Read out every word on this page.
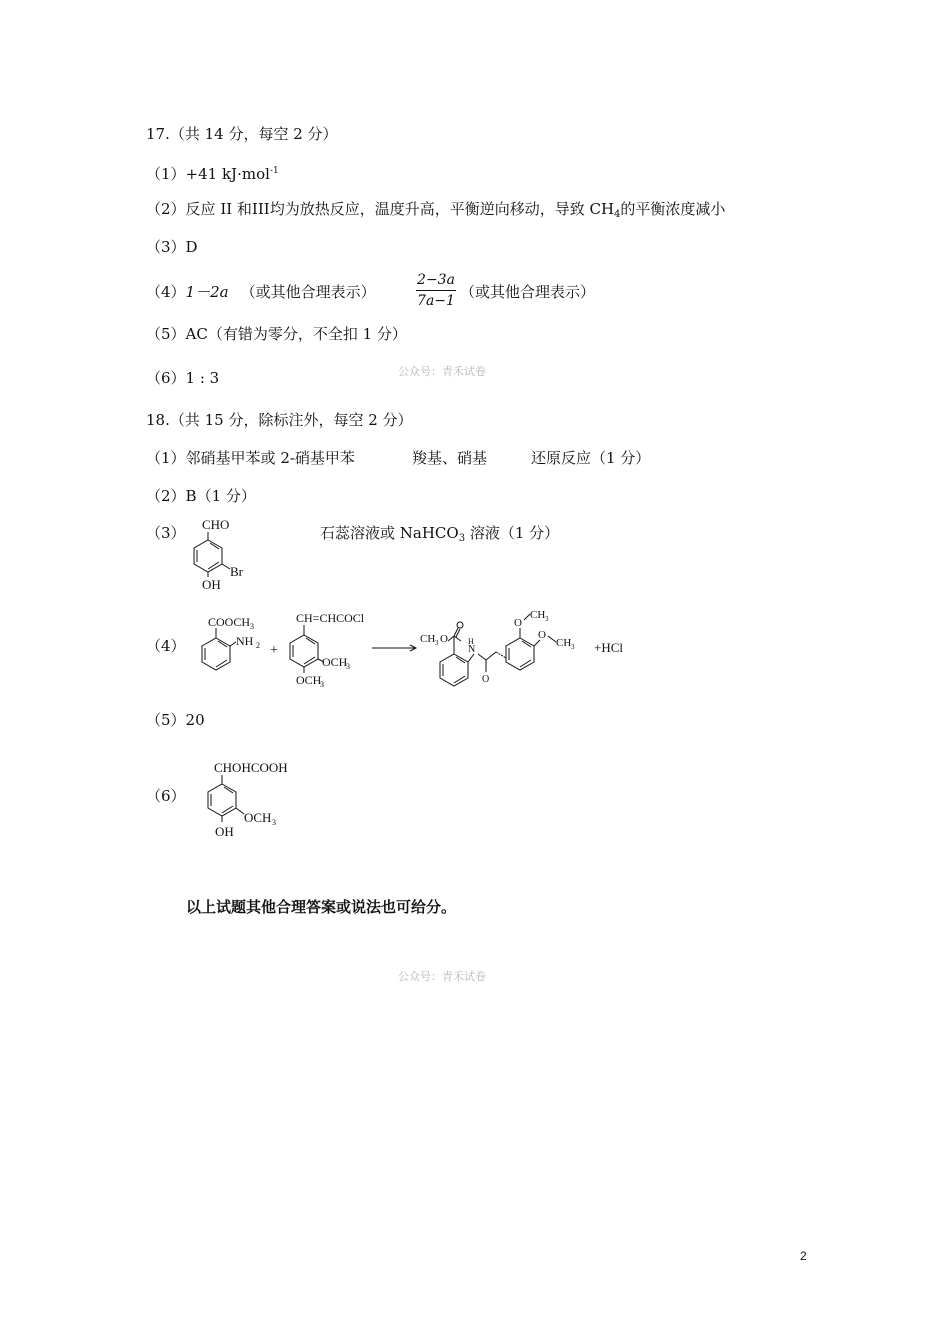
17.（共 14 分，每空 2 分）
（1）+41 kJ·mol$^{-1}$
（2）反应 II 和III均为放热反应，温度升高，平衡逆向移动，导致 $CH_4$的平衡浓度减小
（3）D
（4）1－2a （或其他合理表示）
2−3a
7a−1 （或其他合理表示）
（5）AC（有错为零分，不全扣 1 分）
（6）1 : 3	公众号：青禾试卷
18.（共 15 分，除标注外，每空 2 分）
（1）邻硝基甲苯或 2-硝基甲苯	羧基、硝基	还原反应（1 分）
（2）B（1 分）
（3） CHO
Br
OH
石蕊溶液或 NaHCO$_3$ 溶液（1 分）
（4）
COOCH 3
NH 2 +
CH=CHCOCl
OCH
3
OCH
3
CH 3 O
N
H
O
O
CH 3
O
CH 3 +HCl
（5）20
（6）
CHOHCOOH
OCH 3
OH
以上试题其他合理答案或说法也可给分。
公众号：青禾试卷
2
